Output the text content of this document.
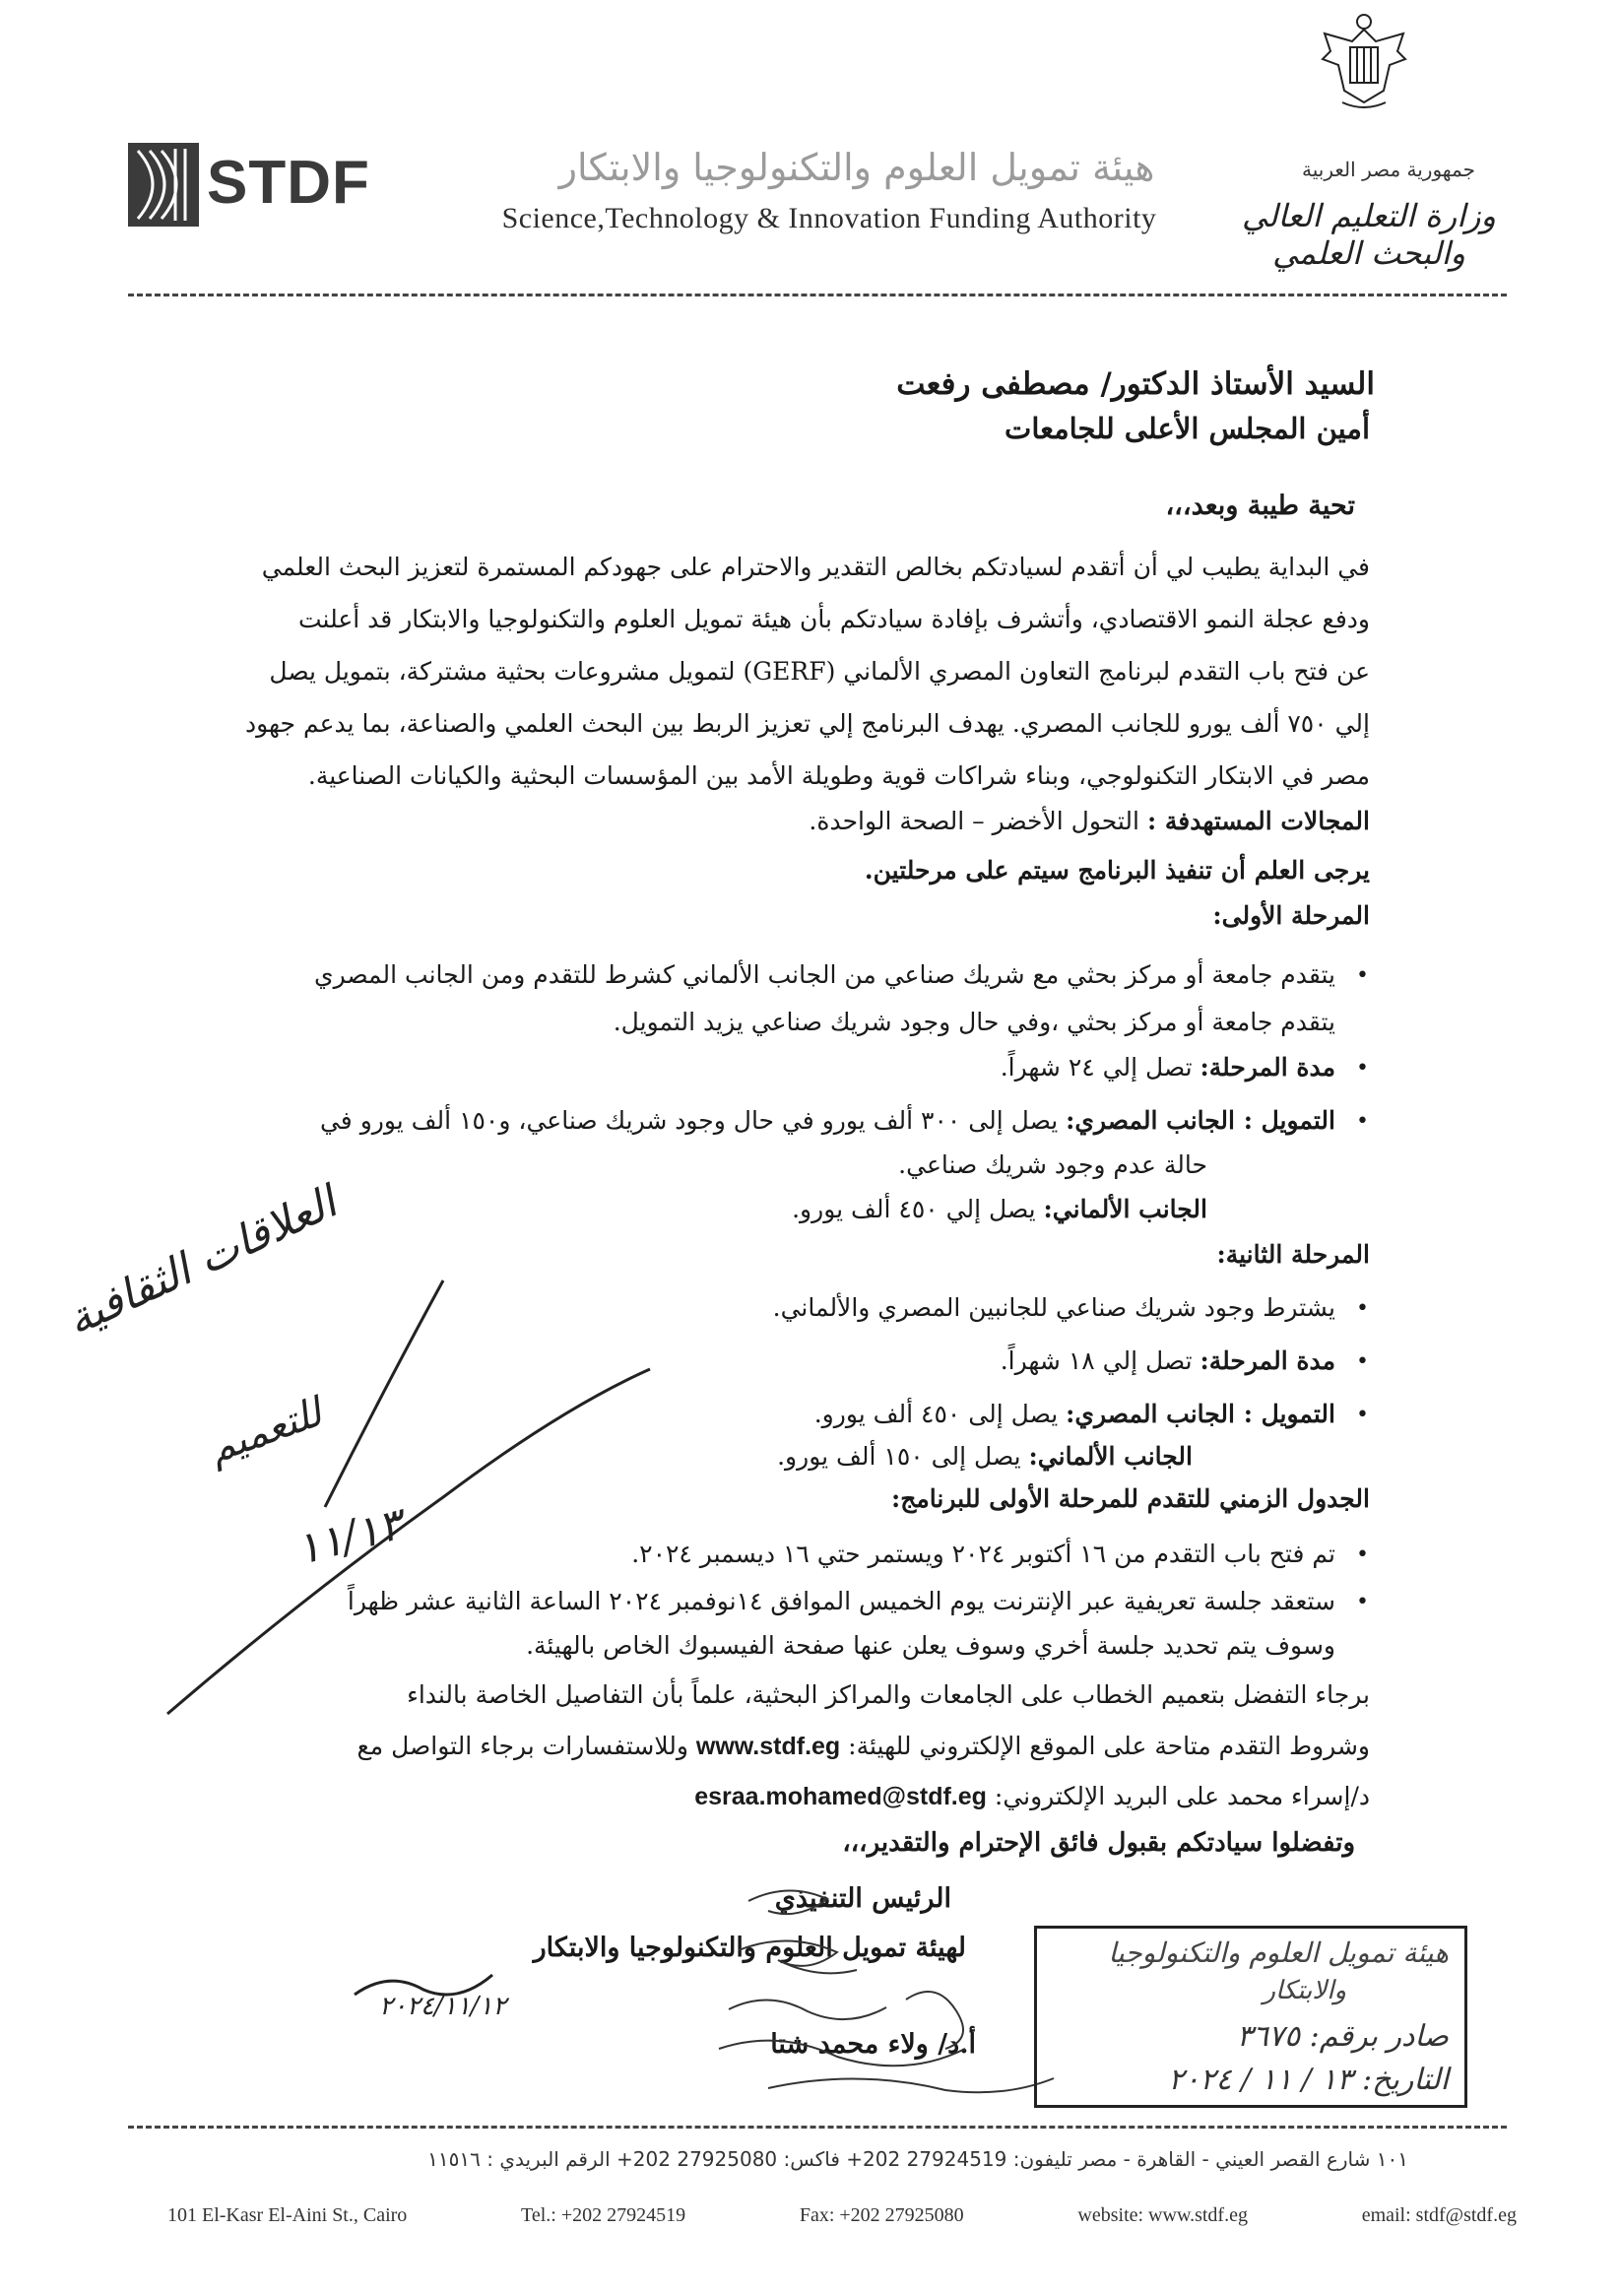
STDF	هيئة تمويل العلوم والتكنولوجيا والابتكار
Science,Technology & Innovation Funding Authority
جمهورية مصر العربية
وزارة التعليم العالي والبحث العلمي
السيد الأستاذ الدكتور/ مصطفى رفعت
أمين المجلس الأعلى للجامعات
تحية طيبة وبعد،،،
في البداية يطيب لي أن أتقدم لسيادتكم بخالص التقدير والاحترام على جهودكم المستمرة لتعزيز البحث العلمي
ودفع عجلة النمو الاقتصادي، وأتشرف بإفادة سيادتكم بأن هيئة تمويل العلوم والتكنولوجيا والابتكار قد أعلنت
عن فتح باب التقدم لبرنامج التعاون المصري الألماني (GERF) لتمويل مشروعات بحثية مشتركة، بتمويل يصل
إلي ٧٥٠ ألف يورو للجانب المصري. يهدف البرنامج إلي تعزيز الربط بين البحث العلمي والصناعة، بما يدعم جهود
مصر في الابتكار التكنولوجي، وبناء شراكات قوية وطويلة الأمد بين المؤسسات البحثية والكيانات الصناعية.
المجالات المستهدفة : التحول الأخضر – الصحة الواحدة.
يرجى العلم أن تنفيذ البرنامج سيتم على مرحلتين.
المرحلة الأولى:
•
يتقدم جامعة أو مركز بحثي مع شريك صناعي من الجانب الألماني كشرط للتقدم ومن الجانب المصري
يتقدم جامعة أو مركز بحثي ،وفي حال وجود شريك صناعي يزيد التمويل.
•
مدة المرحلة: تصل إلي ٢٤ شهراً.
•
التمويل : الجانب المصري: يصل إلى ٣٠٠ ألف يورو في حال وجود شريك صناعي، و١٥٠ ألف يورو في
حالة عدم وجود شريك صناعي.
الجانب الألماني: يصل إلي ٤٥٠ ألف يورو.
المرحلة الثانية:
•
يشترط وجود شريك صناعي للجانبين المصري والألماني.
•
مدة المرحلة: تصل إلي ١٨ شهراً.
•
التمويل : الجانب المصري: يصل إلى ٤٥٠ ألف يورو.
الجانب الألماني: يصل إلى ١٥٠ ألف يورو.
الجدول الزمني للتقدم للمرحلة الأولى للبرنامج:
•
تم فتح باب التقدم من ١٦ أكتوبر ٢٠٢٤ ويستمر حتي ١٦ ديسمبر ٢٠٢٤.
•
ستعقد جلسة تعريفية عبر الإنترنت يوم الخميس الموافق ١٤نوفمبر ٢٠٢٤ الساعة الثانية عشر ظهراً
وسوف يتم تحديد جلسة أخري وسوف يعلن عنها صفحة الفيسبوك الخاص بالهيئة.
برجاء التفضل بتعميم الخطاب على الجامعات والمراكز البحثية، علماً بأن التفاصيل الخاصة بالنداء
وشروط التقدم متاحة على الموقع الإلكتروني للهيئة: www.stdf.eg وللاستفسارات برجاء التواصل مع
د/إسراء محمد على البريد الإلكتروني: esraa.mohamed@stdf.eg
وتفضلوا سيادتكم بقبول فائق الإحترام والتقدير،،،
الرئيس التنفيذي
لهيئة تمويل العلوم والتكنولوجيا والابتكار
أ.د/ ولاء محمد شتا
٢٠٢٤/١١/١٢
هيئة تمويل العلوم والتكنولوجيا
والابتكار
صادر برقم: ٣٦٧٥
التاريخ: ١٣ / ١١ / ٢٠٢٤
العلاقات الثقافية
للتعميم
١١/١٣
١٠١ شارع القصر العيني - القاهرة - مصر تليفون: 27924519 202+ فاكس: 27925080 202+ الرقم البريدي : ١١٥١٦
101 El-Kasr El-Aini St., Cairo	Tel.: +202 27924519	Fax: +202 27925080	website: www.stdf.eg	email: stdf@stdf.eg
